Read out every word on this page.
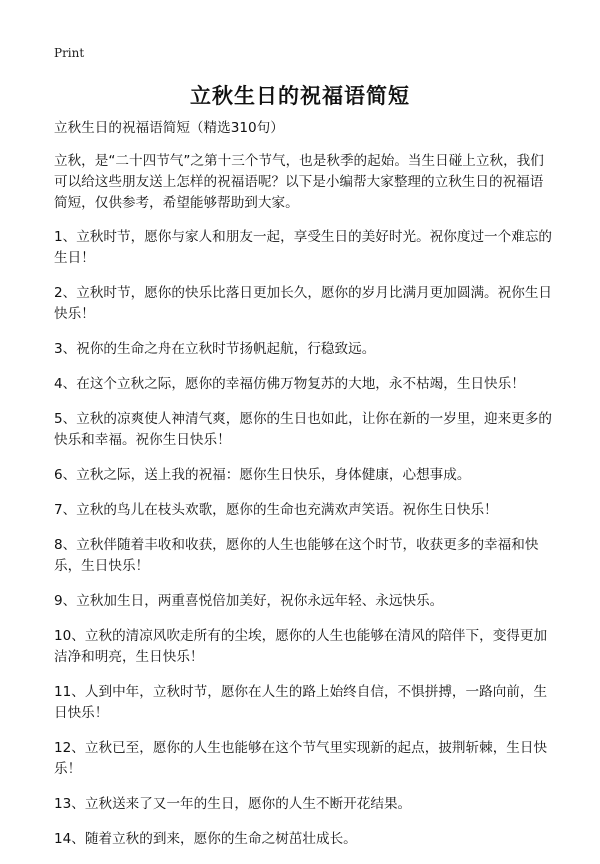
Print
立秋生日的祝福语简短

立秋生日的祝福语简短（精选310句）

立秋，是“二十四节气”之第十三个节气，也是秋季的起始。当生日碰上立秋，我们可以给这些朋友送上怎样的祝福语呢？以下是小编帮大家整理的立秋生日的祝福语简短，仅供参考，希望能够帮助到大家。

1、立秋时节，愿你与家人和朋友一起，享受生日的美好时光。祝你度过一个难忘的生日！

2、立秋时节，愿你的快乐比落日更加长久，愿你的岁月比满月更加圆满。祝你生日快乐！

3、祝你的生命之舟在立秋时节扬帆起航，行稳致远。

4、在这个立秋之际，愿你的幸福仿佛万物复苏的大地，永不枯竭，生日快乐！

5、立秋的凉爽使人神清气爽，愿你的生日也如此，让你在新的一岁里，迎来更多的快乐和幸福。祝你生日快乐！

6、立秋之际，送上我的祝福：愿你生日快乐，身体健康，心想事成。

7、立秋的鸟儿在枝头欢歌，愿你的生命也充满欢声笑语。祝你生日快乐！

8、立秋伴随着丰收和收获，愿你的人生也能够在这个时节，收获更多的幸福和快乐，生日快乐！

9、立秋加生日，两重喜悦倍加美好，祝你永远年轻、永远快乐。

10、立秋的清凉风吹走所有的尘埃，愿你的人生也能够在清风的陪伴下，变得更加洁净和明亮，生日快乐！

11、人到中年，立秋时节，愿你在人生的路上始终自信，不惧拼搏，一路向前，生日快乐！

12、立秋已至，愿你的人生也能够在这个节气里实现新的起点，披荆斩棘，生日快乐！

13、立秋送来了又一年的生日，愿你的人生不断开花结果。

14、随着立秋的到来，愿你的生命之树茁壮成长。
